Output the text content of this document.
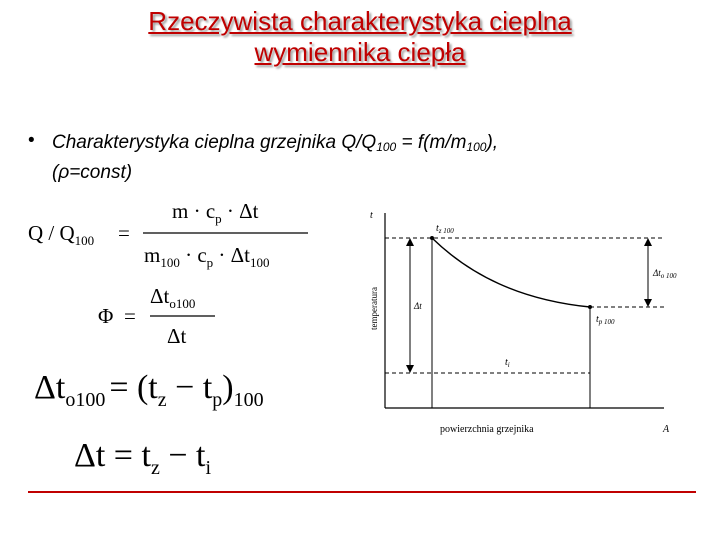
Rzeczywista charakterystyka cieplna
wymiennika ciepła
• Charakterystyka cieplna grzejnika $Q/Q_{100} = f(m/m_{100})$,
(ρ=const)
Q / $Q_{100}$ =
$m \cdot c_p \cdot \Delta t$
$m_{100} \cdot c_p \cdot \Delta t_{100}$
Φ =
$\Delta t_{o100}$
Δt
$\Delta t_{o100} = (t_z - t_p)_{100}$
$\Delta t = t_z - t_i$
t
temperatura
powierzchnia grzejnika	A
$t_{z 100}$
$t_{p 100}$
$t_i$
Δt
$\Delta t_{o 100}$
